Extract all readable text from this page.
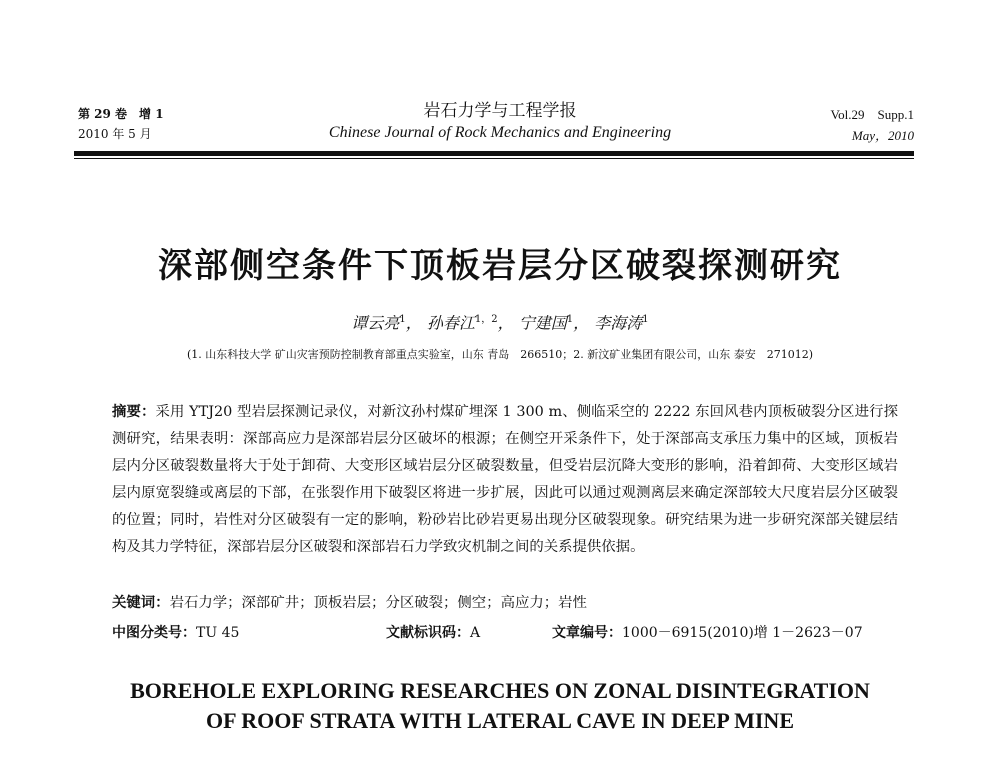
第 29 卷　增 1
2010 年 5 月
岩石力学与工程学报
Chinese Journal of Rock Mechanics and Engineering
Vol.29　Supp.1
May，2010
深部侧空条件下顶板岩层分区破裂探测研究
谭云亮$^1$， 孙春江$^{1,2}$， 宁建国$^1$， 李海涛$^1$
(1. 山东科技大学 矿山灾害预防控制教育部重点实验室，山东 青岛　266510；2. 新汶矿业集团有限公司，山东 泰安　271012)
摘要：采用 YTJ20 型岩层探测记录仪，对新汶孙村煤矿埋深 1 300 m、侧临采空的 2222 东回风巷内顶板破裂分区进行探测研究，结果表明：深部高应力是深部岩层分区破坏的根源；在侧空开采条件下，处于深部高支承压力集中的区域，顶板岩层内分区破裂数量将大于处于卸荷、大变形区域岩层分区破裂数量，但受岩层沉降大变形的影响，沿着卸荷、大变形区域岩层内原宽裂缝或离层的下部，在张裂作用下破裂区将进一步扩展，因此可以通过观测离层来确定深部较大尺度岩层分区破裂的位置；同时，岩性对分区破裂有一定的影响，粉砂岩比砂岩更易出现分区破裂现象。研究结果为进一步研究深部关键层结构及其力学特征，深部岩层分区破裂和深部岩石力学致灾机制之间的关系提供依据。
关键词：岩石力学；深部矿井；顶板岩层；分区破裂；侧空；高应力；岩性
中图分类号：TU 45	文献标识码：A	文章编号：1000－6915(2010)增 1－2623－07
BOREHOLE EXPLORING RESEARCHES ON ZONAL DISINTEGRATION
OF ROOF STRATA WITH LATERAL CAVE IN DEEP MINE
